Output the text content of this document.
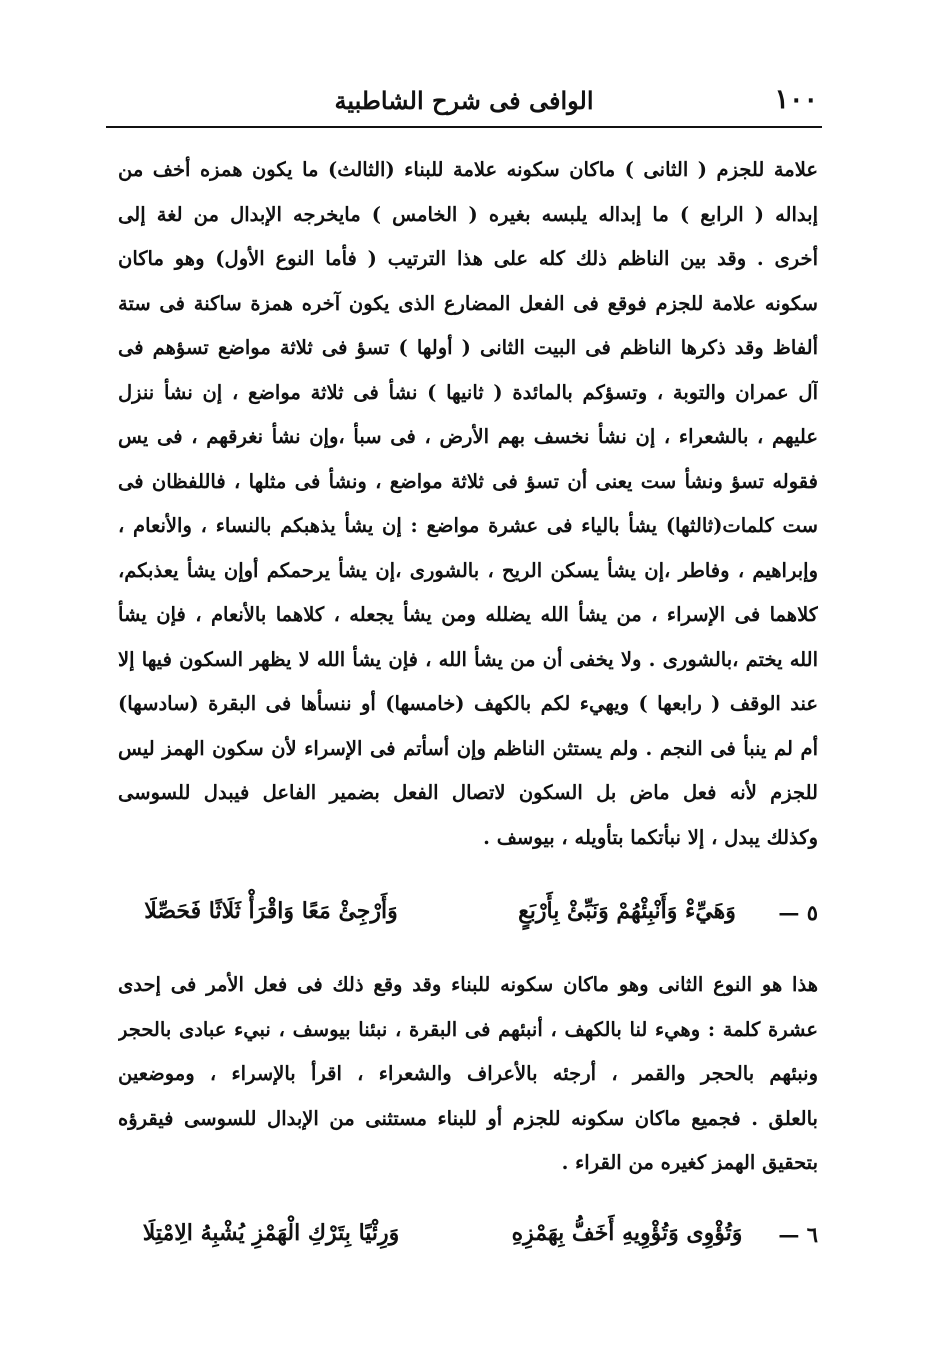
١٠٠
الوافى فى شرح الشاطبية
علامة للجزم ( الثانى ) ماكان سكونه علامة للبناء (الثالث) ما يكون همزه أخف من
إبداله ( الرابع ) ما إبداله يلبسه بغيره ( الخامس ) مايخرجه الإبدال من لغة إلى
أخرى . وقد بين الناظم ذلك كله على هذا الترتيب ( فأما النوع الأول) وهو ماكان
سكونه علامة للجزم فوقع فى الفعل المضارع الذى يكون آخره همزة ساكنة فى ستة
ألفاظ وقد ذكرها الناظم فى البيت الثانى ( أولها ) تسؤ فى ثلاثة مواضع تسؤهم فى
آل عمران والتوبة ، وتسؤكم بالمائدة ( ثانيها ) نشأ فى ثلاثة مواضع ، إن نشأ ننزل
عليهم ، بالشعراء ، إن نشأ نخسف بهم الأرض ، فى سبأ ،وإن نشأ نغرقهم ، فى يس
فقوله تسؤ ونشأ ست يعنى أن تسؤ فى ثلاثة مواضع ، ونشأ فى مثلها ، فاللفظان فى
ست كلمات(ثالثها) يشأ بالياء فى عشرة مواضع : إن يشأ يذهبكم بالنساء ، والأنعام ،
وإبراهيم ، وفاطر ،إن يشأ يسكن الريح ، بالشورى ،إن يشأ يرحمكم أوإن يشأ يعذبكم،
كلاهما فى الإسراء ، من يشأ الله يضلله ومن يشأ يجعله ، كلاهما بالأنعام ، فإن يشأ
الله يختم ،بالشورى . ولا يخفى أن من يشأ الله ، فإن يشأ الله لا يظهر السكون فيها إلا
عند الوقف ( رابعها ) ويهيء لكم بالكهف (خامسها) أو ننسأها فى البقرة (سادسها)
أم لم ينبأ فى النجم . ولم يستثن الناظم وإن أسأتم فى الإسراء لأن سكون الهمز ليس
للجزم لأنه فعل ماض بل السكون لاتصال الفعل بضمير الفاعل فيبدل للسوسى
وكذلك يبدل ، إلا نبأتكما بتأويله ، بيوسف .
٥ —
وَهَيِّءْ وَأَنْبِئْهُمْ وَنَبِّئْ بِأَرْبَعٍ
وَأَرْجِئْ مَعًا وَاقْرَأْ ثَلَاثًا فَحَصِّلَا
هذا هو النوع الثانى وهو ماكان سكونه للبناء وقد وقع ذلك فى فعل الأمر فى إحدى
عشرة كلمة : وهيء لنا بالكهف ، أنبئهم فى البقرة ، نبئنا بيوسف ، نبيء عبادى بالحجر
ونبئهم بالحجر والقمر ، أرجئه بالأعراف والشعراء ، اقرأ بالإسراء ، وموضعين
بالعلق . فجميع ماكان سكونه للجزم أو للبناء مستثنى من الإبدال للسوسى فيقرؤه
بتحقيق الهمز كغيره من القراء .
٦ —
وَتُؤْوِى وَتُؤْوِيهِ أَخَفُّ بِهَمْزِهِ
وَرِئْيًا بِتَرْكِ الْهَمْزِ يُشْبِهُ الِامْتِلَا
